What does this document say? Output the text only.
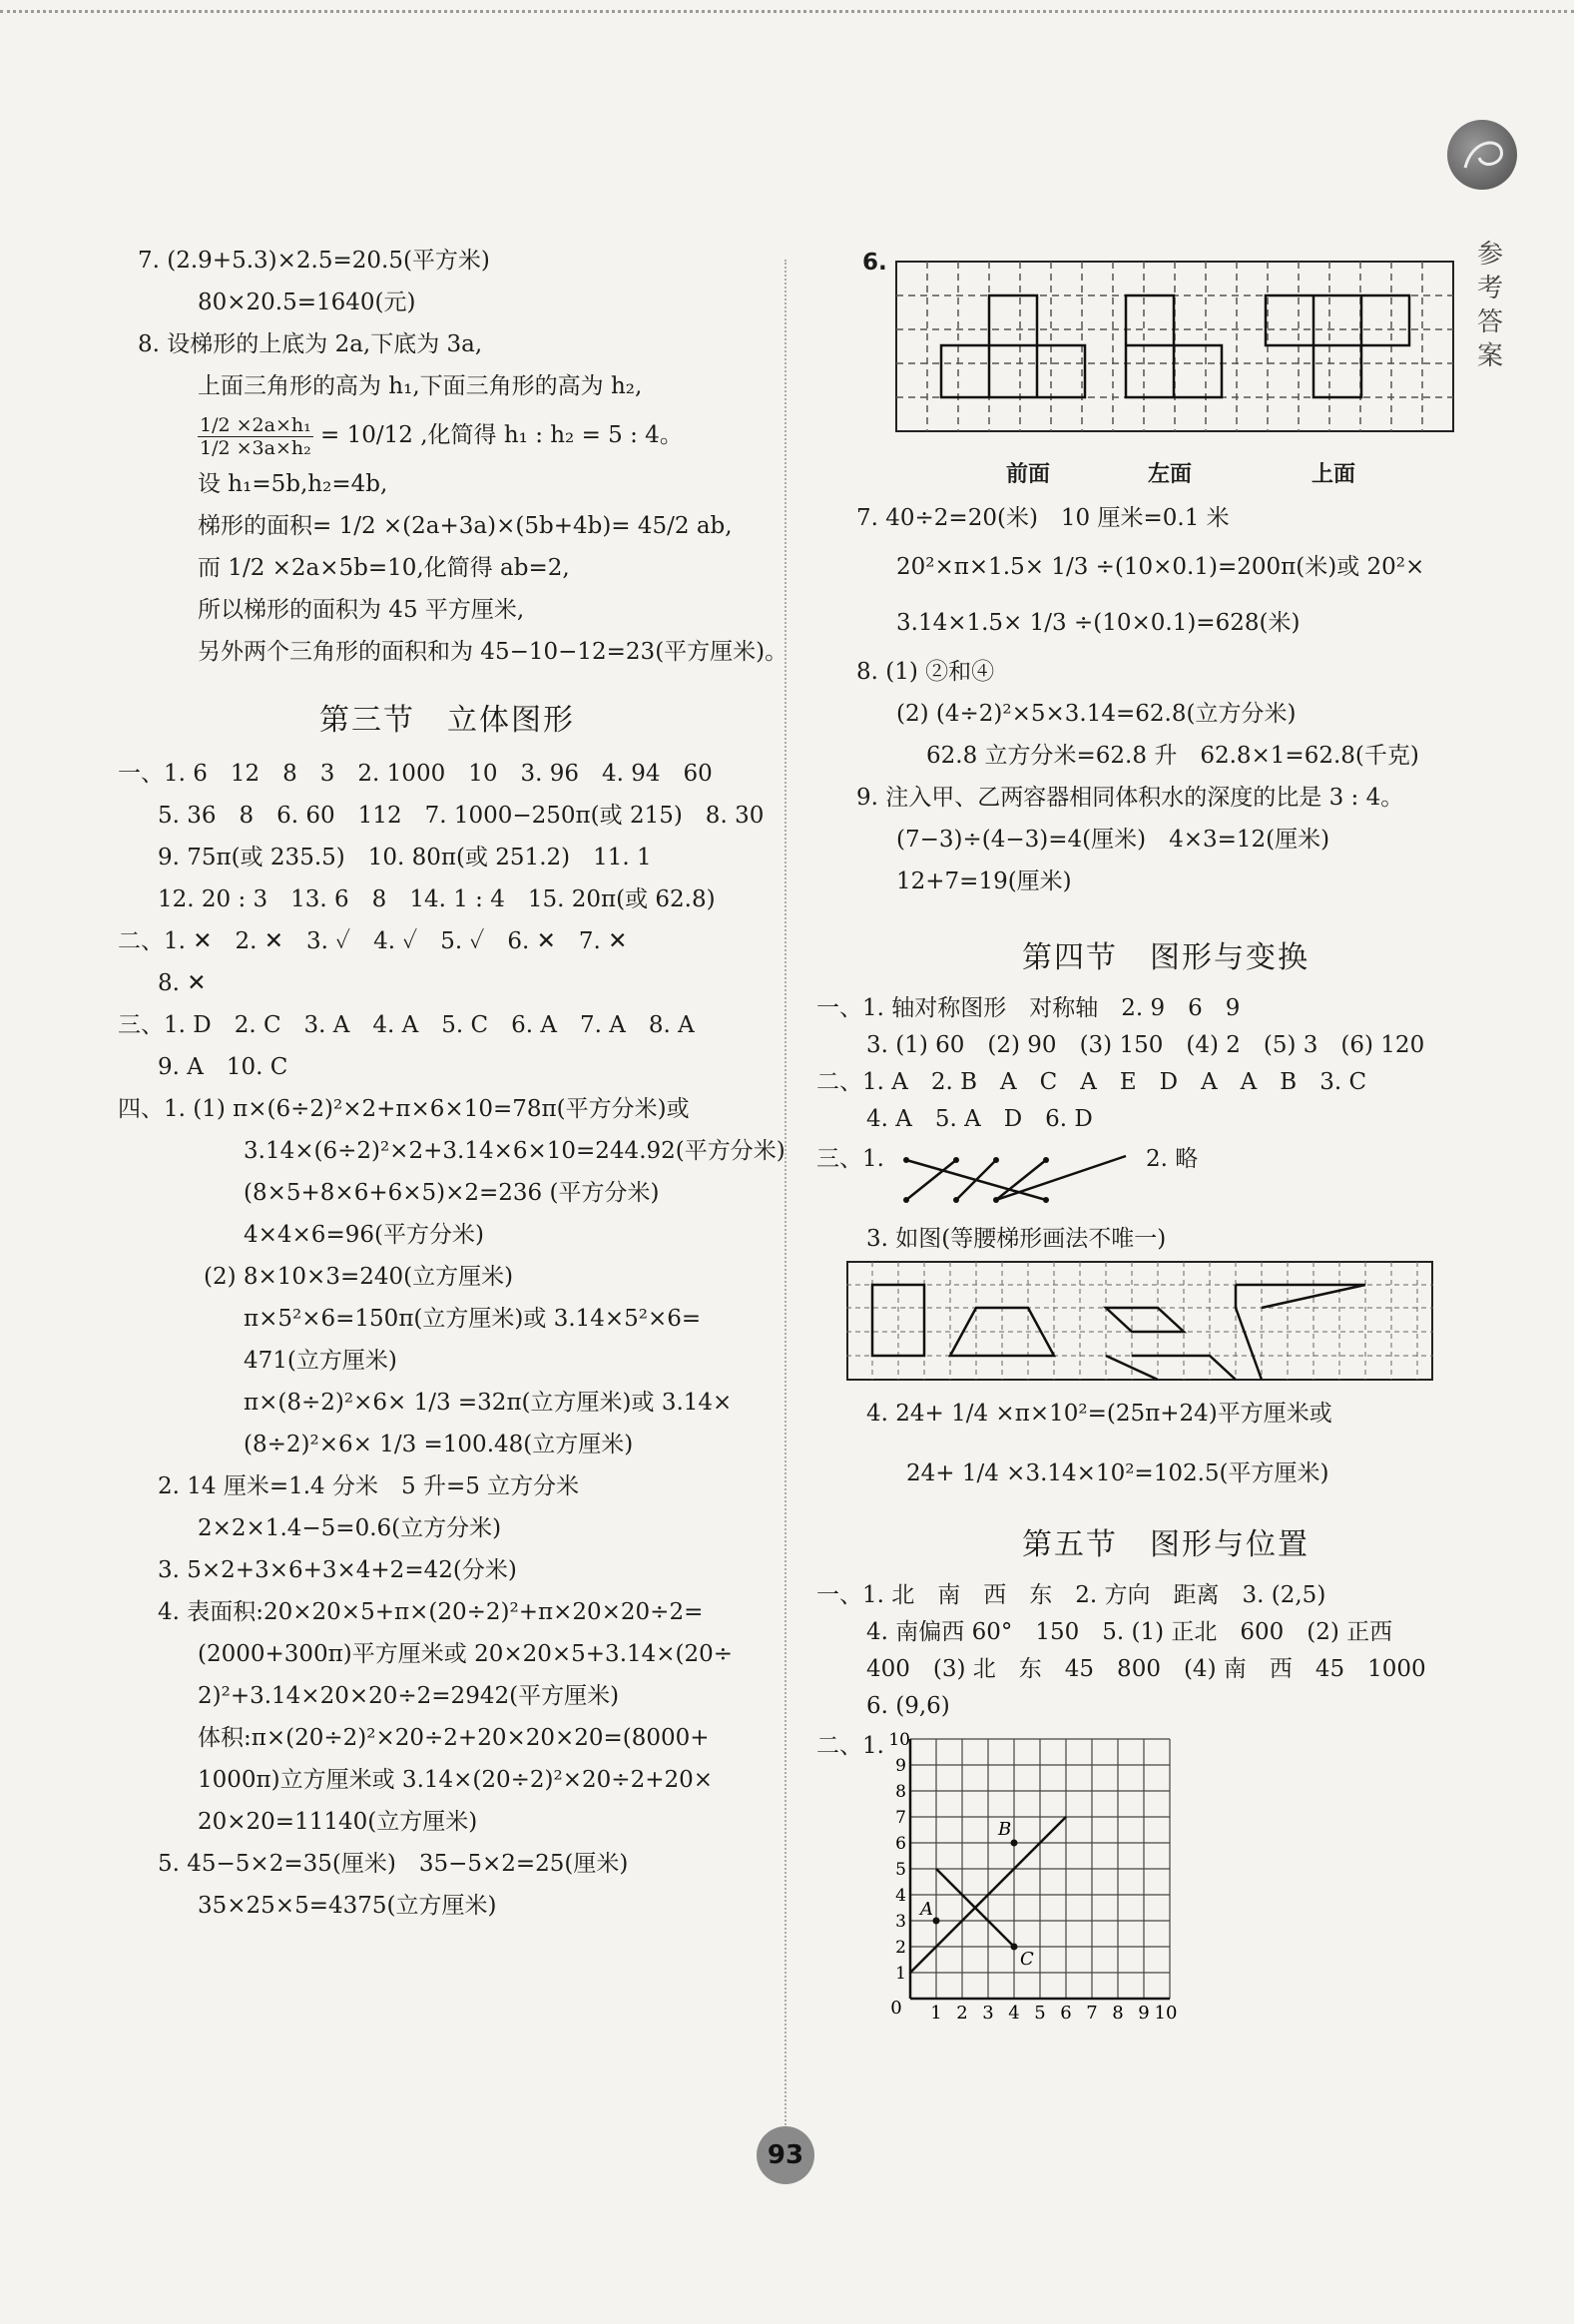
参考答案
7. (2.9+5.3)×2.5=20.5(平方米)
80×20.5=1640(元)
8. 设梯形的上底为 2a,下底为 3a,
上面三角形的高为 h₁,下面三角形的高为 h₂,
$\frac{\text{1/2 ×2a×h₁}}{\text{1/2 ×3a×h₂}} = 10/12$ ,化简得 h₁ : h₂ = 5 : 4。
设 h₁=5b,h₂=4b,
梯形的面积= 1/2 ×(2a+3a)×(5b+4b)= 45/2 ab,
而 1/2 ×2a×5b=10,化简得 ab=2,
所以梯形的面积为 45 平方厘米,
另外两个三角形的面积和为 45−10−12=23(平方厘米)。
第三节　立体图形
一、1. 6　12　8　3　2. 1000　10　3. 96　4. 94　60
5. 36　8　6. 60　112　7. 1000−250π(或 215)　8. 30
9. 75π(或 235.5)　10. 80π(或 251.2)　11. 1
12. 20 : 3　13. 6　8　14. 1 : 4　15. 20π(或 62.8)
二、1. ✕　2. ✕　3. ✓　4. ✓　5. ✓　6. ✕　7. ✕
8. ✕
三、1. D　2. C　3. A　4. A　5. C　6. A　7. A　8. A
9. A　10. C
四、1. (1) π×(6÷2)²×2+π×6×10=78π(平方分米)或
3.14×(6÷2)²×2+3.14×6×10=244.92(平方分米)
(8×5+8×6+6×5)×2=236 (平方分米)
4×4×6=96(平方分米)
(2) 8×10×3=240(立方厘米)
π×5²×6=150π(立方厘米)或 3.14×5²×6=
471(立方厘米)
π×(8÷2)²×6× 1/3 =32π(立方厘米)或 3.14×
(8÷2)²×6× 1/3 =100.48(立方厘米)
2. 14 厘米=1.4 分米　5 升=5 立方分米
2×2×1.4−5=0.6(立方分米)
3. 5×2+3×6+3×4+2=42(分米)
4. 表面积:20×20×5+π×(20÷2)²+π×20×20÷2=
(2000+300π)平方厘米或 20×20×5+3.14×(20÷
2)²+3.14×20×20÷2=2942(平方厘米)
体积:π×(20÷2)²×20÷2+20×20×20=(8000+
1000π)立方厘米或 3.14×(20÷2)²×20÷2+20×
20×20=11140(立方厘米)
5. 45−5×2=35(厘米)　35−5×2=25(厘米)
35×25×5=4375(立方厘米)
6.
前面	左面	上面
7. 40÷2=20(米)　10 厘米=0.1 米
20²×π×1.5× 1/3 ÷(10×0.1)=200π(米)或 20²×
3.14×1.5× 1/3 ÷(10×0.1)=628(米)
8. (1) ②和④
(2) (4÷2)²×5×3.14=62.8(立方分米)
62.8 立方分米=62.8 升　62.8×1=62.8(千克)
9. 注入甲、乙两容器相同体积水的深度的比是 3 : 4。
(7−3)÷(4−3)=4(厘米)　4×3=12(厘米)
12+7=19(厘米)
第四节　图形与变换
一、1. 轴对称图形　对称轴　2. 9　6　9
3. (1) 60　(2) 90　(3) 150　(4) 2　(5) 3　(6) 120
二、1. A　2. B　A　C　A　E　D　A　A　B　3. C
4. A　5. A　D　6. D
三、1.	2. 略
3. 如图(等腰梯形画法不唯一)
4. 24+ 1/4 ×π×10²=(25π+24)平方厘米或
24+ 1/4 ×3.14×10²=102.5(平方厘米)
第五节　图形与位置
一、1. 北　南　西　东　2. 方向　距离　3. (2,5)
4. 南偏西 60°　150　5. (1) 正北　600　(2) 正西
400　(3) 北　东　45　800　(4) 南　西　45　1000
6. (9,6)
二、1.
A
B
C
0 1 2 3 4 5 6 7 8 9 10
1
2
3
4
5
6
7
8
9
10
93
